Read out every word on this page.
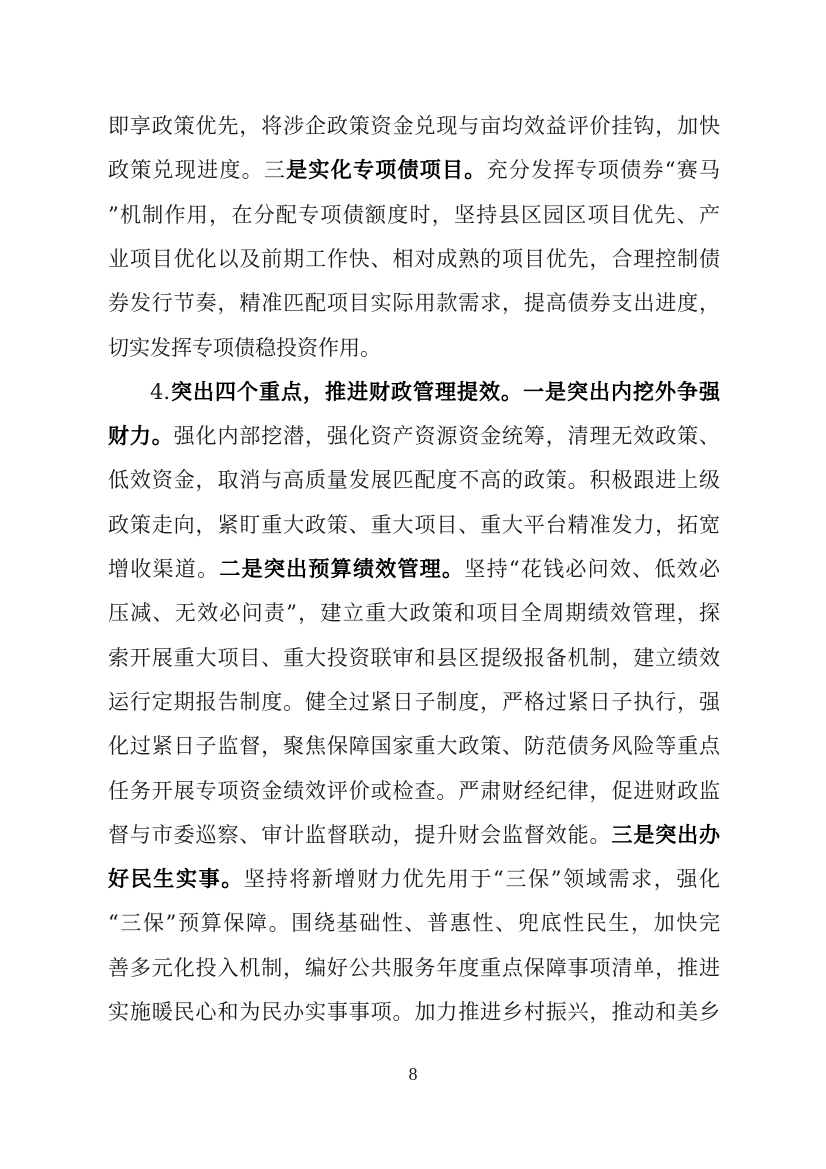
即享政策优先，将涉企政策资金兑现与亩均效益评价挂钩，加快
政策兑现进度。三是实化专项债项目。充分发挥专项债券“赛马
”机制作用，在分配专项债额度时，坚持县区园区项目优先、产
业项目优化以及前期工作快、相对成熟的项目优先，合理控制债
券发行节奏，精准匹配项目实际用款需求，提高债券支出进度，
切实发挥专项债稳投资作用。
4.突出四个重点，推进财政管理提效。一是突出内挖外争强
财力。强化内部挖潜，强化资产资源资金统筹，清理无效政策、
低效资金，取消与高质量发展匹配度不高的政策。积极跟进上级
政策走向，紧盯重大政策、重大项目、重大平台精准发力，拓宽
增收渠道。二是突出预算绩效管理。坚持“花钱必问效、低效必
压减、无效必问责”，建立重大政策和项目全周期绩效管理，探
索开展重大项目、重大投资联审和县区提级报备机制，建立绩效
运行定期报告制度。健全过紧日子制度，严格过紧日子执行，强
化过紧日子监督，聚焦保障国家重大政策、防范债务风险等重点
任务开展专项资金绩效评价或检查。严肃财经纪律，促进财政监
督与市委巡察、审计监督联动，提升财会监督效能。三是突出办
好民生实事。坚持将新增财力优先用于“三保”领域需求，强化
“三保”预算保障。围绕基础性、普惠性、兜底性民生，加快完
善多元化投入机制，编好公共服务年度重点保障事项清单，推进
实施暖民心和为民办实事事项。加力推进乡村振兴，推动和美乡
8
